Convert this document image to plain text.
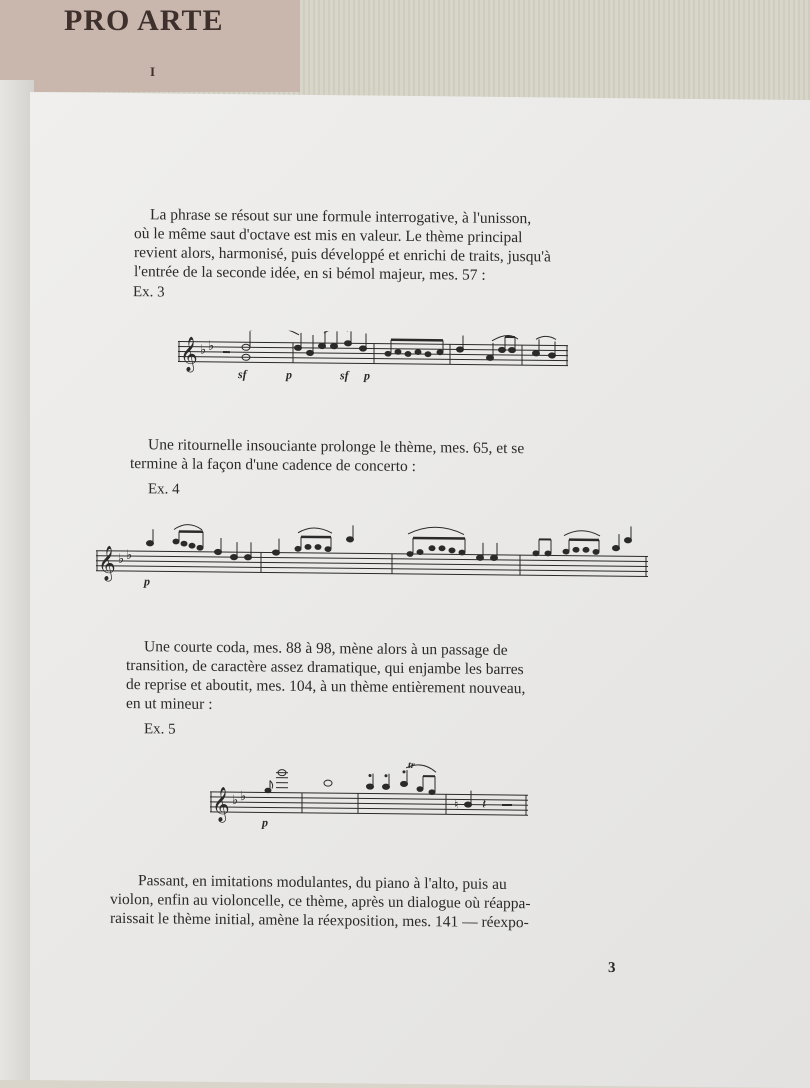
PRO ARTE
I
La phrase se résout sur une formule interrogative, à l'unisson,
où le même saut d'octave est mis en valeur. Le thème principal
revient alors, harmonisé, puis développé et enrichi de traits, jusqu'à
l'entrée de la seconde idée, en si bémol majeur, mes. 57 :
Ex. 3
𝄞 ♭ ♭
sf	p	sf p
Une ritournelle insouciante prolonge le thème, mes. 65, et se
termine à la façon d'une cadence de concerto :
Ex. 4
𝄞 ♭ ♭
p
Une courte coda, mes. 88 à 98, mène alors à un passage de
transition, de caractère assez dramatique, qui enjambe les barres
de reprise et aboutit, mes. 104, à un thème entièrement nouveau,
en ut mineur :
Ex. 5
𝄞 ♭ ♭
♮
tr
𝄽
p
Passant, en imitations modulantes, du piano à l'alto, puis au
violon, enfin au violoncelle, ce thème, après un dialogue où réappa-
raissait le thème initial, amène la réexposition, mes. 141 — réexpo-
3
